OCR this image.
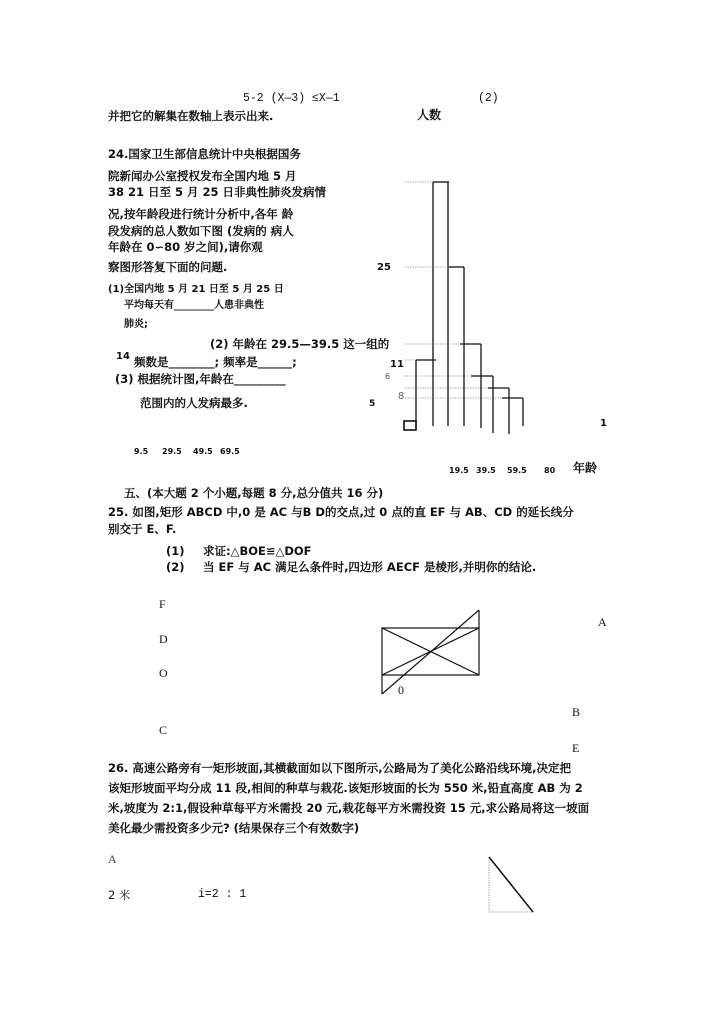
5-2 (X—3) ≤X—1	(2)
并把它的解集在数轴上表示出来.	人数
24.国家卫生部信息统计中央根据国务
院新闻办公室授权发布全国内地 5 月
38 21 日至 5 月 25 日非典性肺炎发病情
况,按年龄段进行统计分析中,各年 龄
段发病的总人数如下图 (发病的 病人
年龄在 0∽80 岁之间),请你观
察图形答复下面的问题.
(1)全国内地 5 月 21 日至 5 月 25 日
平均每天有________人患非典性
肺炎;
(2) 年龄在 29.5—39.5 这一组的
14 频数是________; 频率是______;
(3) 根据统计图,年龄在_________
范围内的人发病最多.
25
11
6
8
5
1
9.5 29.5 49.5 69.5
19.5 39.5 59.5 80 年龄
五、(本大题 2 个小题,每题 8 分,总分值共 16 分)
25. 如图,矩形 ABCD 中,0 是 AC 与B D的交点,过 0 点的直 EF 与 AB、CD 的延长线分
别交于 E、F.
(1) 求证:△BOE≌△DOF
(2) 当 EF 与 AC 满足么条件时,四边形 AECF 是棱形,并明你的结论.
F
D
O
C
A
B
E
0
26. 高速公路旁有一矩形坡面,其横截面如以下图所示,公路局为了美化公路沿线环境,决定把
该矩形坡面平均分成 11 段,相间的种草与栽花.该矩形坡面的长为 550 米,铅直高度 AB 为 2
米,坡度为 2:1,假设种草每平方米需投 20 元,栽花每平方米需投资 15 元,求公路局将这一坡面
美化最少需投资多少元? (结果保存三个有效数字)
A
2 米	i=2 : 1
